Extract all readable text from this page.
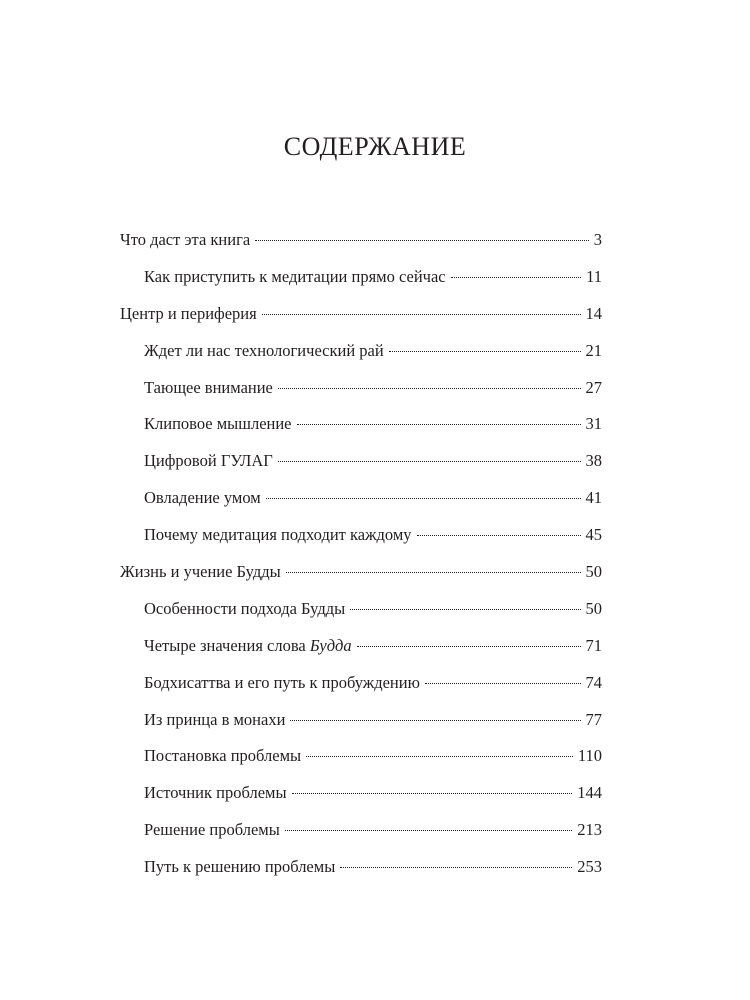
СОДЕРЖАНИЕ
Что даст эта книга	3
Как приступить к медитации прямо сейчас	11
Центр и периферия	14
Ждет ли нас технологический рай	21
Тающее внимание	27
Клиповое мышление	31
Цифровой ГУЛАГ	38
Овладение умом	41
Почему медитация подходит каждому	45
Жизнь и учение Будды	50
Особенности подхода Будды	50
Четыре значения слова Будда	71
Бодхисаттва и его путь к пробуждению	74
Из принца в монахи	77
Постановка проблемы	110
Источник проблемы	144
Решение проблемы	213
Путь к решению проблемы	253
